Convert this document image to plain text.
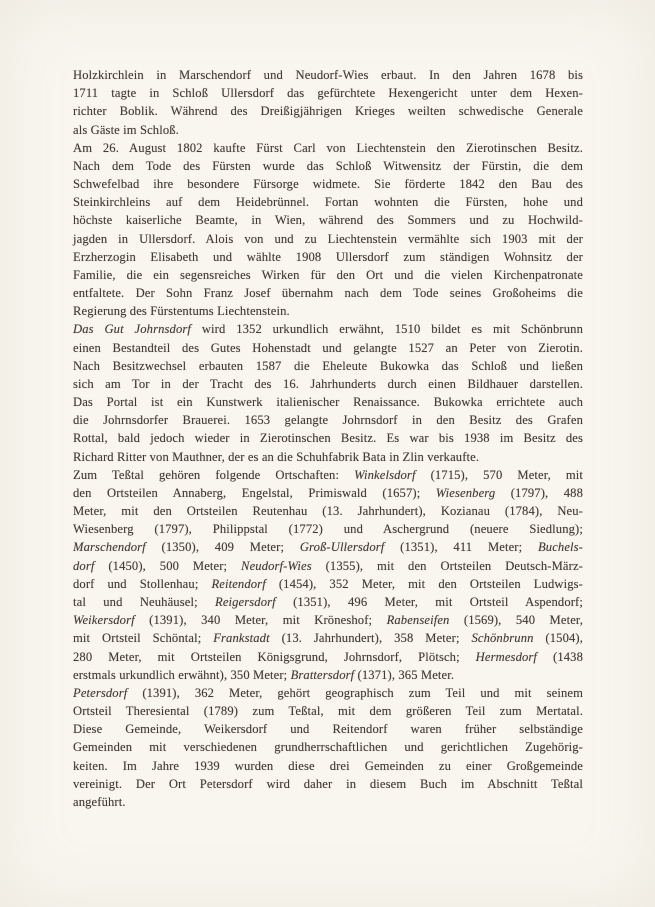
Holzkirchlein in Marschendorf und Neudorf-Wies erbaut. In den Jahren 1678 bis
1711 tagte in Schloß Ullersdorf das gefürchtete Hexengericht unter dem Hexen-
richter Boblik. Während des Dreißigjährigen Krieges weilten schwedische Generale
als Gäste im Schloß.
Am 26. August 1802 kaufte Fürst Carl von Liechtenstein den Zierotinschen Besitz.
Nach dem Tode des Fürsten wurde das Schloß Witwensitz der Fürstin, die dem
Schwefelbad ihre besondere Fürsorge widmete. Sie förderte 1842 den Bau des
Steinkirchleins auf dem Heidebrünnel. Fortan wohnten die Fürsten, hohe und
höchste kaiserliche Beamte, in Wien, während des Sommers und zu Hochwild-
jagden in Ullersdorf. Alois von und zu Liechtenstein vermählte sich 1903 mit der
Erzherzogin Elisabeth und wählte 1908 Ullersdorf zum ständigen Wohnsitz der
Familie, die ein segensreiches Wirken für den Ort und die vielen Kirchenpatronate
entfaltete. Der Sohn Franz Josef übernahm nach dem Tode seines Großoheims die
Regierung des Fürstentums Liechtenstein.
Das Gut Johrnsdorf wird 1352 urkundlich erwähnt, 1510 bildet es mit Schönbrunn
einen Bestandteil des Gutes Hohenstadt und gelangte 1527 an Peter von Zierotin.
Nach Besitzwechsel erbauten 1587 die Eheleute Bukowka das Schloß und ließen
sich am Tor in der Tracht des 16. Jahrhunderts durch einen Bildhauer darstellen.
Das Portal ist ein Kunstwerk italienischer Renaissance. Bukowka errichtete auch
die Johrnsdorfer Brauerei. 1653 gelangte Johrnsdorf in den Besitz des Grafen
Rottal, bald jedoch wieder in Zierotinschen Besitz. Es war bis 1938 im Besitz des
Richard Ritter von Mauthner, der es an die Schuhfabrik Bata in Zlin verkaufte.
Zum Teßtal gehören folgende Ortschaften: Winkelsdorf (1715), 570 Meter, mit
den Ortsteilen Annaberg, Engelstal, Primiswald (1657); Wiesenberg (1797), 488
Meter, mit den Ortsteilen Reutenhau (13. Jahrhundert), Kozianau (1784), Neu-
Wiesenberg (1797), Philippstal (1772) und Aschergrund (neuere Siedlung);
Marschendorf (1350), 409 Meter; Groß-Ullersdorf (1351), 411 Meter; Buchels-
dorf (1450), 500 Meter; Neudorf-Wies (1355), mit den Ortsteilen Deutsch-März-
dorf und Stollenhau; Reitendorf (1454), 352 Meter, mit den Ortsteilen Ludwigs-
tal und Neuhäusel; Reigersdorf (1351), 496 Meter, mit Ortsteil Aspendorf;
Weikersdorf (1391), 340 Meter, mit Kröneshof; Rabenseifen (1569), 540 Meter,
mit Ortsteil Schöntal; Frankstadt (13. Jahrhundert), 358 Meter; Schönbrunn (1504),
280 Meter, mit Ortsteilen Königsgrund, Johrnsdorf, Plötsch; Hermesdorf (1438
erstmals urkundlich erwähnt), 350 Meter; Brattersdorf (1371), 365 Meter.
Petersdorf (1391), 362 Meter, gehört geographisch zum Teil und mit seinem
Ortsteil Theresiental (1789) zum Teßtal, mit dem größeren Teil zum Mertatal.
Diese Gemeinde, Weikersdorf und Reitendorf waren früher selbständige
Gemeinden mit verschiedenen grundherrschaftlichen und gerichtlichen Zugehörig-
keiten. Im Jahre 1939 wurden diese drei Gemeinden zu einer Großgemeinde
vereinigt. Der Ort Petersdorf wird daher in diesem Buch im Abschnitt Teßtal
angeführt.
